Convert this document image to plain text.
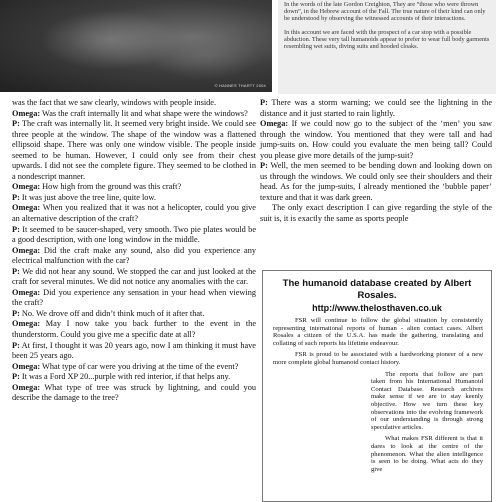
© HANNES THARTT 2004

In the words of the late Gordon Creighton, They are “those who were thrown down”, in the Hebrew account of the Fall. The true nature of their kind can only be understood by observing the witnessed accounts of their interactions.

In this account we are faced with the prospect of a car stop with a possible abduction. These very tall humanoids appear to prefer to wear full body garments resembling wet suits, diving suits and hooded cloaks.

was the fact that we saw clearly, windows with people inside.

Omega: Was the craft internally lit and what shape were the windows?

P: The craft was internally lit. It seemed very bright inside. We could see three people at the window. The shape of the window was a flattened ellipsoid shape. There was only one window visible. The people inside seemed to be human. However, I could only see from their chest upwards. I did not see the complete figure. They seemed to be clothed in a nondescript manner.

Omega: How high from the ground was this craft?

P: It was just above the tree line, quite low.

Omega: When you realized that it was not a helicopter, could you give an alternative description of the craft?

P: It seemed to be saucer-shaped, very smooth. Two pie plates would be a good description, with one long window in the middle.

Omega: Did the craft make any sound, also did you experience any electrical malfunction with the car?

P: We did not hear any sound. We stopped the car and just looked at the craft for several minutes. We did not notice any anomalies with the car.

Omega: Did you experience any sensation in your head when viewing the craft?

P: No. We drove off and didn’t think much of it after that.

Omega: May I now take you back further to the event in the thunderstorm. Could you give me a specific date at all?

P: At first, I thought it was 20 years ago, now I am thinking it must have been 25 years ago.

Omega: What type of car were you driving at the time of the event?

P: It was a Ford XP 20...purple with red interior, if that helps any.

Omega: What type of tree was struck by lightning, and could you describe the damage to the tree?

P: There was a storm warning; we could see the lightning in the distance and it just started to rain lightly.

Omega: If we could now go to the subject of the ‘men’ you saw through the window. You mentioned that they were tall and had jump-suits on. How could you evaluate the men being tall? Could you please give more details of the jump-suit?

P: Well, the men seemed to be bending down and looking down on us through the windows. We could only see their shoulders and their head. As for the jump-suits, I already mentioned the ‘bubble paper’ texture and that it was dark green.

The only exact description I can give regarding the style of the suit is, it is exactly the same as sports people

The humanoid database created by Albert Rosales.
http://www.thelosthaven.co.uk

FSR will continue to follow the global situation by consistently representing international reports of human - alien contact cases. Albert Rosales a citizen of the U.S.A. has made the gathering, translating and collating of such reports his lifetime endeavour.

FSR is proud to be associated with a hardworking pioneer of a new more complete global humanoid contact history.

The reports that follow are part taken from his International Humanoid Contact Database. Research archives make sense if we are to stay keenly objective. How we turn these key observations into the evolving framework of our understanding is through strong speculative articles.

What makes FSR different is that it dares to look at the centre of the phenomenon. What the alien intelligence is seen to be doing. What acts do they give
